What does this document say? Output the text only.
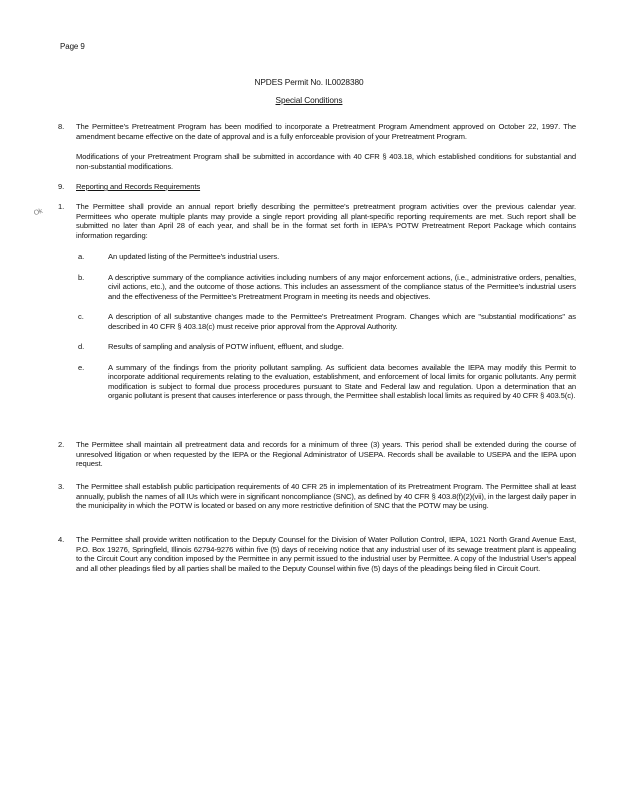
Page 9
NPDES Permit No. IL0028380
Special Conditions
8.	The Permittee's Pretreatment Program has been modified to incorporate a Pretreatment Program Amendment approved on October 22, 1997. The amendment became effective on the date of approval and is a fully enforceable provision of your Pretreatment Program.

Modifications of your Pretreatment Program shall be submitted in accordance with 40 CFR § 403.18, which established conditions for substantial and non-substantial modifications.

9.	Reporting and Records Requirements
Ok
1.	The Permittee shall provide an annual report briefly describing the permittee's pretreatment program activities over the previous calendar year. Permittees who operate multiple plants may provide a single report providing all plant-specific reporting requirements are met. Such report shall be submitted no later than April 28 of each year, and shall be in the format set forth in IEPA's POTW Pretreatment Report Package which contains information regarding:

a.	An updated listing of the Permittee's industrial users.
b.	A descriptive summary of the compliance activities including numbers of any major enforcement actions, (i.e., administrative orders, penalties, civil actions, etc.), and the outcome of those actions. This includes an assessment of the compliance status of the Permittee's industrial users and the effectiveness of the Permittee's Pretreatment Program in meeting its needs and objectives.
c.	A description of all substantive changes made to the Permittee's Pretreatment Program. Changes which are "substantial modifications" as described in 40 CFR § 403.18(c) must receive prior approval from the Approval Authority.
d.	Results of sampling and analysis of POTW influent, effluent, and sludge.
e.	A summary of the findings from the priority pollutant sampling. As sufficient data becomes available the IEPA may modify this Permit to incorporate additional requirements relating to the evaluation, establishment, and enforcement of local limits for organic pollutants. Any permit modification is subject to formal due process procedures pursuant to State and Federal law and regulation. Upon a determination that an organic pollutant is present that causes interference or pass through, the Permittee shall establish local limits as required by 40 CFR § 403.5(c).
2.	The Permittee shall maintain all pretreatment data and records for a minimum of three (3) years. This period shall be extended during the course of unresolved litigation or when requested by the IEPA or the Regional Administrator of USEPA. Records shall be available to USEPA and the IEPA upon request.
3.	The Permittee shall establish public participation requirements of 40 CFR 25 in implementation of its Pretreatment Program. The Permittee shall at least annually, publish the names of all IUs which were in significant noncompliance (SNC), as defined by 40 CFR § 403.8(f)(2)(vii), in the largest daily paper in the municipality in which the POTW is located or based on any more restrictive definition of SNC that the POTW may be using.
4.	The Permittee shall provide written notification to the Deputy Counsel for the Division of Water Pollution Control, IEPA, 1021 North Grand Avenue East, P.O. Box 19276, Springfield, Illinois 62794-9276 within five (5) days of receiving notice that any industrial user of its sewage treatment plant is appealing to the Circuit Court any condition imposed by the Permittee in any permit issued to the industrial user by Permittee. A copy of the Industrial User's appeal and all other pleadings filed by all parties shall be mailed to the Deputy Counsel within five (5) days of the pleadings being filed in Circuit Court.
